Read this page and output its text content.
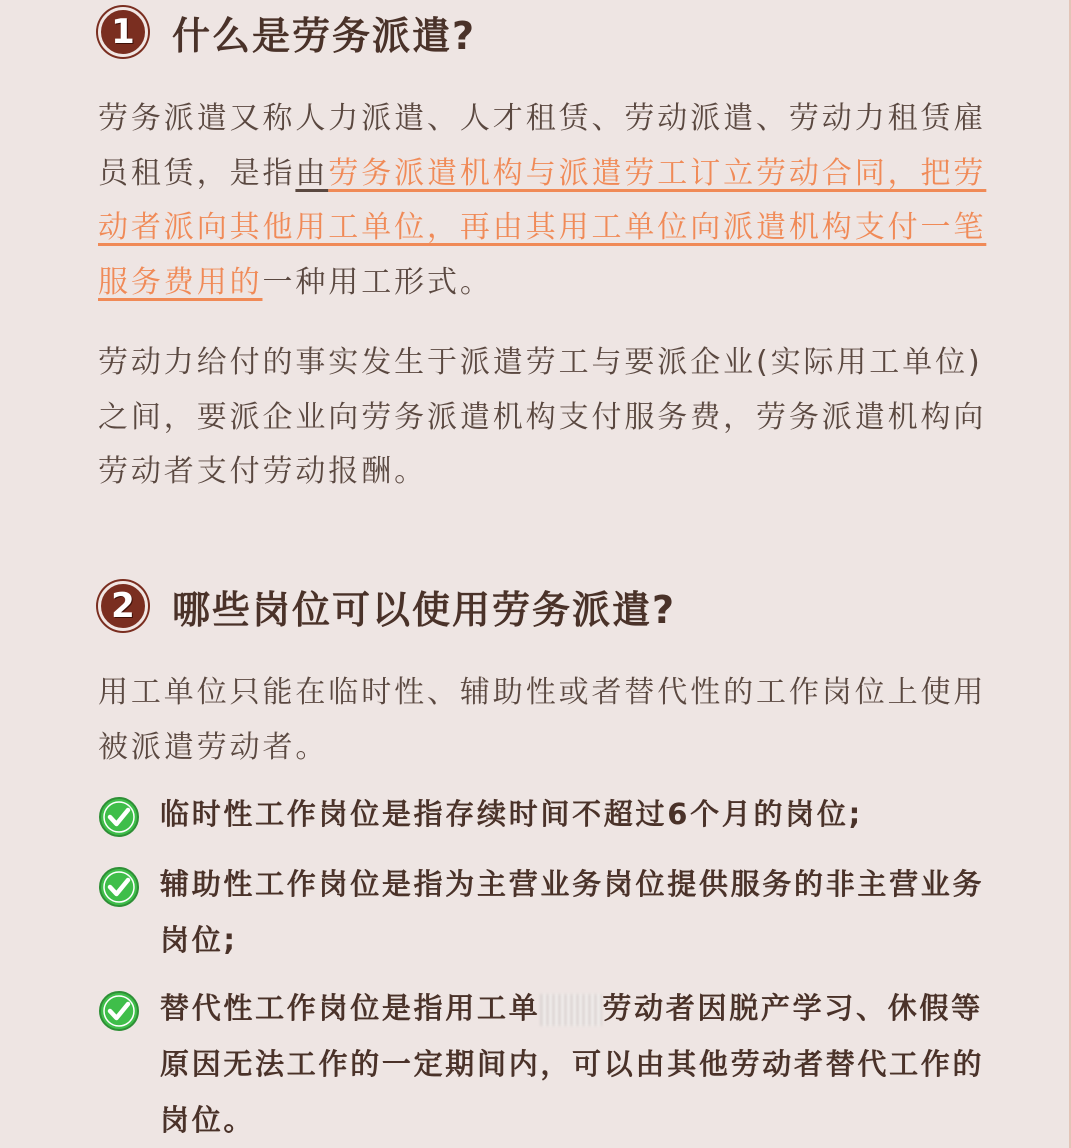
1 什么是劳务派遣?

劳务派遣又称人力派遣、人才租赁、劳动派遣、劳动力租赁雇员租赁，是指由劳务派遣机构与派遣劳工订立劳动合同，把劳动者派向其他用工单位，再由其用工单位向派遣机构支付一笔服务费用的一种用工形式。

劳动力给付的事实发生于派遣劳工与要派企业(实际用工单位)之间，要派企业向劳务派遣机构支付服务费，劳务派遣机构向劳动者支付劳动报酬。

2 哪些岗位可以使用劳务派遣?

用工单位只能在临时性、辅助性或者替代性的工作岗位上使用被派遣劳动者。

临时性工作岗位是指存续时间不超过6个月的岗位;
辅助性工作岗位是指为主营业务岗位提供服务的非主营业务岗位;
替代性工作岗位是指用工单 劳动者因脱产学习、休假等原因无法工作的一定期间内，可以由其他劳动者替代工作的岗位。
